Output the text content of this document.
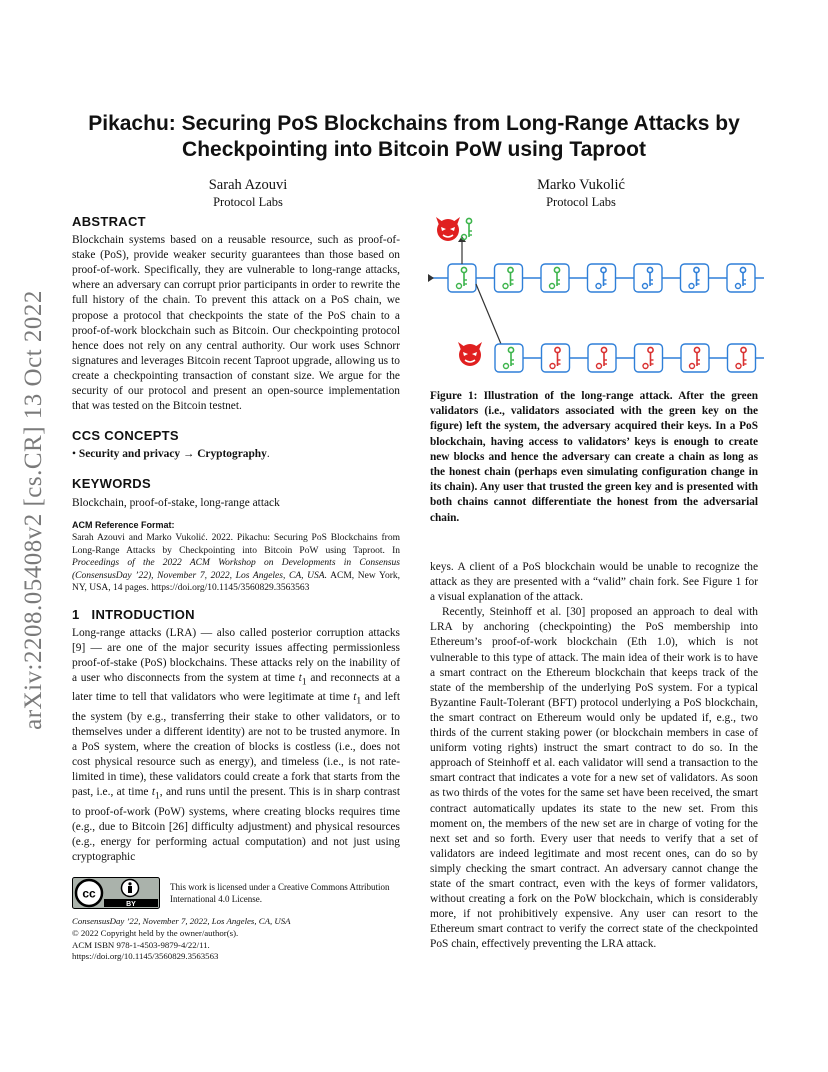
arXiv:2208.05408v2 [cs.CR] 13 Oct 2022
Pikachu: Securing PoS Blockchains from Long-Range Attacks by Checkpointing into Bitcoin PoW using Taproot
Sarah Azouvi
Protocol Labs
Marko Vukolić
Protocol Labs
ABSTRACT

Blockchain systems based on a reusable resource, such as proof-of-stake (PoS), provide weaker security guarantees than those based on proof-of-work. Specifically, they are vulnerable to long-range attacks, where an adversary can corrupt prior participants in order to rewrite the full history of the chain. To prevent this attack on a PoS chain, we propose a protocol that checkpoints the state of the PoS chain to a proof-of-work blockchain such as Bitcoin. Our checkpointing protocol hence does not rely on any central authority. Our work uses Schnorr signatures and leverages Bitcoin recent Taproot upgrade, allowing us to create a checkpointing transaction of constant size. We argue for the security of our protocol and present an open-source implementation that was tested on the Bitcoin testnet.

CCS CONCEPTS

• Security and privacy → Cryptography.

KEYWORDS

Blockchain, proof-of-stake, long-range attack

ACM Reference Format:

Sarah Azouvi and Marko Vukolić. 2022. Pikachu: Securing PoS Blockchains from Long-Range Attacks by Checkpointing into Bitcoin PoW using Taproot. In Proceedings of the 2022 ACM Workshop on Developments in Consensus (ConsensusDay ’22), November 7, 2022, Los Angeles, CA, USA. ACM, New York, NY, USA, 14 pages. https://doi.org/10.1145/3560829.3563563

1 INTRODUCTION

Long-range attacks (LRA) — also called posterior corruption attacks [9] — are one of the major security issues affecting permissionless proof-of-stake (PoS) blockchains. These attacks rely on the inability of a user who disconnects from the system at time $t_1$ and reconnects at a later time to tell that validators who were legitimate at time $t_1$ and left the system (by e.g., transferring their stake to other validators, or to themselves under a different identity) are not to be trusted anymore. In a PoS system, where the creation of blocks is costless (i.e., does not cost physical resource such as energy), and timeless (i.e., is not rate-limited in time), these validators could create a fork that starts from the past, i.e., at time $t_1$, and runs until the present. This is in sharp contrast to proof-of-work (PoW) systems, where creating blocks requires time (e.g., due to Bitcoin [26] difficulty adjustment) and physical resources (e.g., energy for performing actual computation) and not just using cryptographic

cc
BY
This work is licensed under a Creative Commons Attribution International 4.0 License.
ConsensusDay ’22, November 7, 2022, Los Angeles, CA, USA
© 2022 Copyright held by the owner/author(s).
ACM ISBN 978-1-4503-9879-4/22/11.
https://doi.org/10.1145/3560829.3563563
Figure 1: Illustration of the long-range attack. After the green validators (i.e., validators associated with the green key on the figure) left the system, the adversary acquired their keys. In a PoS blockchain, having access to validators’ keys is enough to create new blocks and hence the adversary can create a chain as long as the honest chain (perhaps even simulating configuration change in its chain). Any user that trusted the green key and is presented with both chains cannot differentiate the honest from the adversarial chain.

keys. A client of a PoS blockchain would be unable to recognize the attack as they are presented with a “valid” chain fork. See Figure 1 for a visual explanation of the attack.

Recently, Steinhoff et al. [30] proposed an approach to deal with LRA by anchoring (checkpointing) the PoS membership into Ethereum’s proof-of-work blockchain (Eth 1.0), which is not vulnerable to this type of attack. The main idea of their work is to have a smart contract on the Ethereum blockchain that keeps track of the state of the membership of the underlying PoS system. For a typical Byzantine Fault-Tolerant (BFT) protocol underlying a PoS blockchain, the smart contract on Ethereum would only be updated if, e.g., two thirds of the current staking power (or blockchain members in case of uniform voting rights) instruct the smart contract to do so. In the approach of Steinhoff et al. each validator will send a transaction to the smart contract that indicates a vote for a new set of validators. As soon as two thirds of the votes for the same set have been received, the smart contract automatically updates its state to the new set. From this moment on, the members of the new set are in charge of voting for the next set and so forth. Every user that needs to verify that a set of validators are indeed legitimate and most recent ones, can do so by simply checking the smart contract. An adversary cannot change the state of the smart contract, even with the keys of former validators, without creating a fork on the PoW blockchain, which is considerably more, if not prohibitively expensive. Any user can resort to the Ethereum smart contract to verify the correct state of the checkpointed PoS chain, effectively preventing the LRA attack.
